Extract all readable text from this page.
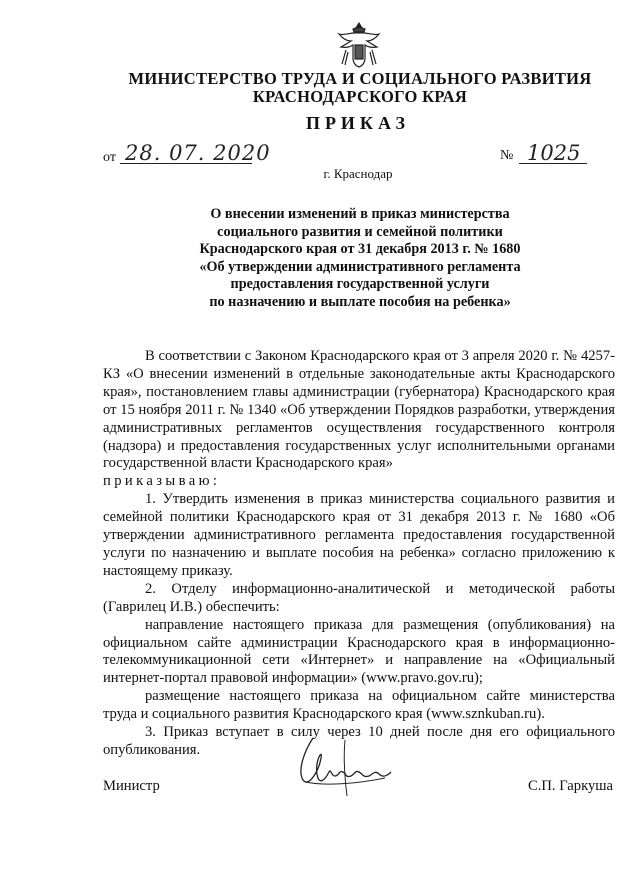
МИНИСТЕРСТВО ТРУДА И СОЦИАЛЬНОГО РАЗВИТИЯ
КРАСНОДАРСКОГО КРАЯ
ПРИКАЗ
от 28. 07. 2020	№ 1025
г. Краснодар
О внесении изменений в приказ министерства
социального развития и семейной политики
Краснодарского края от 31 декабря 2013 г. № 1680
«Об утверждении административного регламента
предоставления государственной услуги
по назначению и выплате пособия на ребенка»

В соответствии с Законом Краснодарского края от 3 апреля 2020 г. № 4257-КЗ «О внесении изменений в отдельные законодательные акты Краснодарского края», постановлением главы администрации (губернатора) Краснодарского края от 15 ноября 2011 г. № 1340 «Об утверждении Порядков разработки, утверждения административных регламентов осуществления государственного контроля (надзора) и предоставления государственных услуг исполнительными органами государственной власти Краснодарского края»

приказываю:

1. Утвердить изменения в приказ министерства социального развития и семейной политики Краснодарского края от 31 декабря 2013 г. № 1680 «Об утверждении административного регламента предоставления государственной услуги по назначению и выплате пособия на ребенка» согласно приложению к настоящему приказу.

2. Отделу информационно-аналитической и методической работы (Гаврилец И.В.) обеспечить:

направление настоящего приказа для размещения (опубликования) на официальном сайте администрации Краснодарского края в информационно-телекоммуникационной сети «Интернет» и направление на «Официальный интернет-портал правовой информации» (www.pravo.gov.ru);

размещение настоящего приказа на официальном сайте министерства труда и социального развития Краснодарского края (www.sznkuban.ru).

3. Приказ вступает в силу через 10 дней после дня его официального опубликования.

Министр	С.П. Гаркуша
